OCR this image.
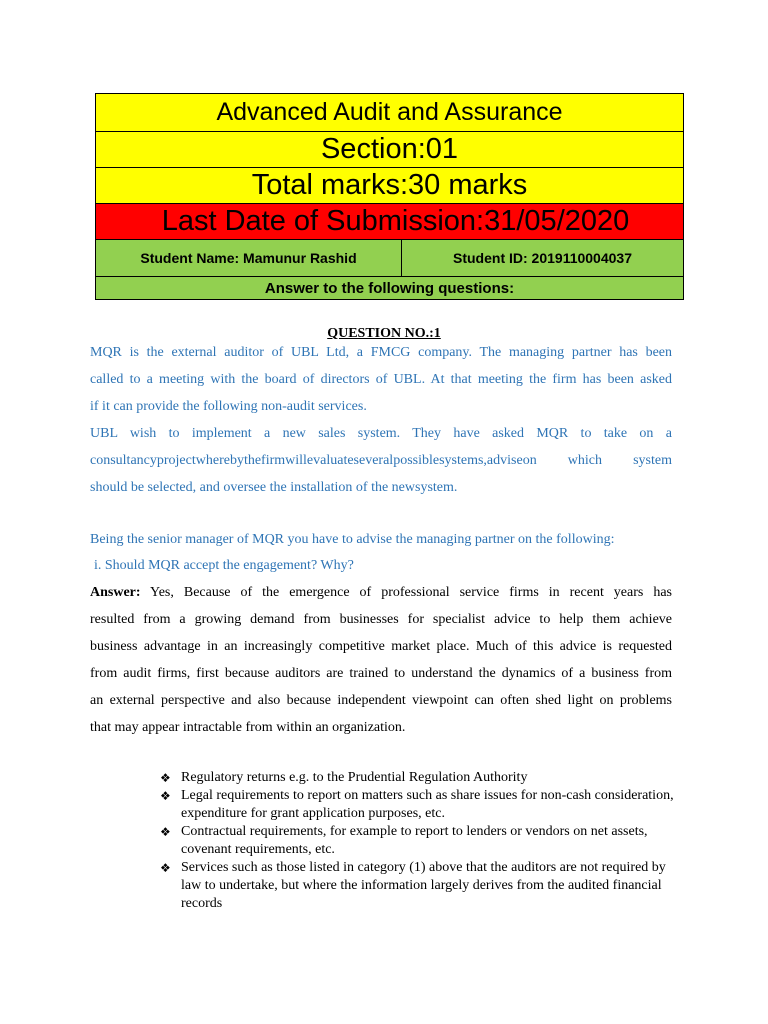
Advanced Audit and Assurance
Section:01
Total marks:30 marks
Last Date of Submission:31/05/2020
Student Name: Mamunur Rashid	Student ID: 2019110004037
Answer to the following questions:
QUESTION NO.:1
MQR is the external auditor of UBL Ltd, a FMCG company. The managing partner has been
called to a meeting with the board of directors of UBL. At that meeting the firm has been asked
if it can provide the following non-audit services.
UBL wish to implement a new sales system. They have asked MQR to take on a
consultancyprojectwherebythefirmwillevaluateseveralpossiblesystems,adviseon which system
should be selected, and oversee the installation of the newsystem.
Being the senior manager of MQR you have to advise the managing partner on the following:
i. Should MQR accept the engagement? Why?
Answer: Yes, Because of the emergence of professional service firms in recent years has
resulted from a growing demand from businesses for specialist advice to help them achieve
business advantage in an increasingly competitive market place. Much of this advice is requested
from audit firms, first because auditors are trained to understand the dynamics of a business from
an external perspective and also because independent viewpoint can often shed light on problems
that may appear intractable from within an organization.
❖ Regulatory returns e.g. to the Prudential Regulation Authority
❖ Legal requirements to report on matters such as share issues for non-cash consideration, expenditure for grant application purposes, etc.
❖ Contractual requirements, for example to report to lenders or vendors on net assets, covenant requirements, etc.
❖ Services such as those listed in category (1) above that the auditors are not required by law to undertake, but where the information largely derives from the audited financial records
